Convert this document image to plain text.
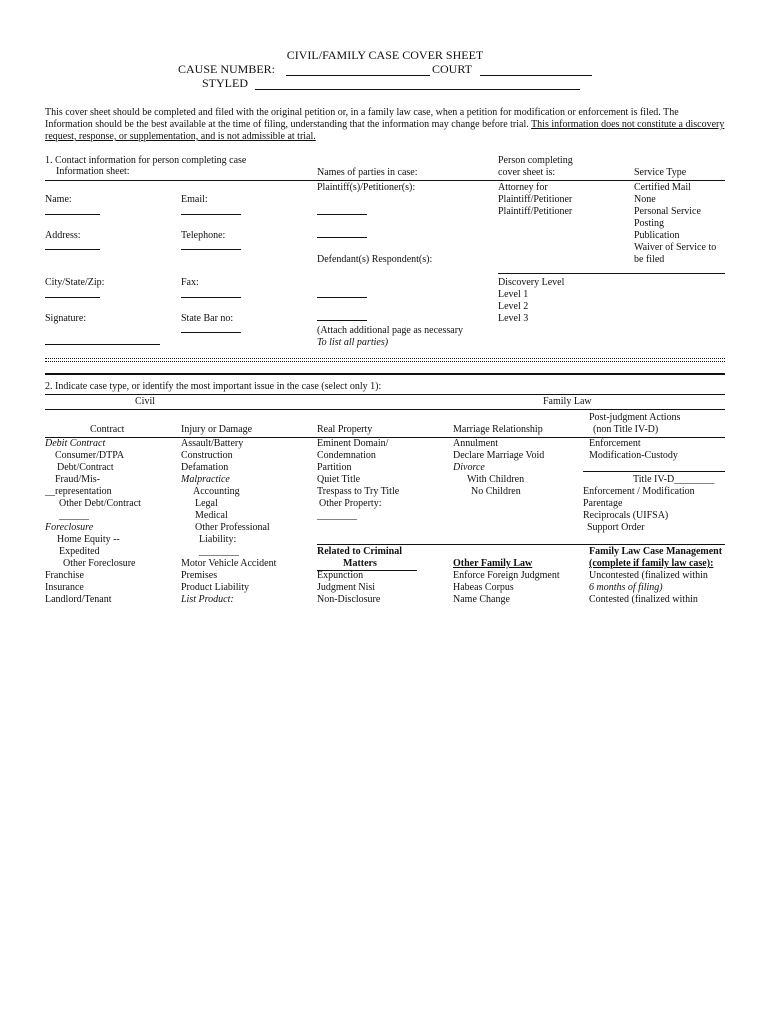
CIVIL/FAMILY CASE COVER SHEET
CAUSE NUMBER:	COURT
STYLED
This cover sheet should be completed and filed with the original petition or, in a family law case, when a petition for modification or enforcement is filed. The Information should be the best available at the time of filing, understanding that the information may change before trial. This information does not constitute a discovery request, response, or supplementation, and is not admissible at trial.
1. Contact information for person completing case
Information sheet:
Name:	Email:
Address:	Telephone:
City/State/Zip:	Fax:
Signature:	State Bar no:
Names of parties in case:
Plaintiff(s)/Petitioner(s):
Defendant(s) Respondent(s):
(Attach additional page as necessary
To list all parties)
Person completing
cover sheet is:
Attorney for
Plaintiff/Petitioner
Plaintiff/Petitioner
Service Type
Certified Mail
None
Personal Service
Posting
Publication
Waiver of Service to
be filed
Discovery Level
Level 1
Level 2
Level 3
2. Indicate case type, or identify the most important issue in the case (select only 1):
Civil	Family Law
Contract
Debit Contract
Consumer/DTPA
Debt/Contract
Fraud/Mis-
__representation
Other Debt/Contract
______
Foreclosure
Home Equity --
Expedited
Other Foreclosure
Franchise
Insurance
Landlord/Tenant
Injury or Damage
Assault/Battery
Construction
Defamation
Malpractice
Accounting
Legal
Medical
Other Professional
Liability:
________
Motor Vehicle Accident
Premises
Product Liability
List Product:
Real Property
Eminent Domain/
Condemnation
Partition
Quiet Title
Trespass to Try Title
Other Property:
________
Related to Criminal
Matters
Expunction
Judgment Nisi
Non-Disclosure
Marriage Relationship
Annulment
Declare Marriage Void
Divorce
With Children
No Children
Other Family Law
Enforce Foreign Judgment
Habeas Corpus
Name Change
Post-judgment Actions
(non Title IV-D)
Enforcement
Modification-Custody
Title IV-D________
Enforcement / Modification
Parentage
Reciprocals (UIFSA)
Support Order
Family Law Case Management
(complete if family law case):
Uncontested (finalized within
6 months of filing)
Contested (finalized within
